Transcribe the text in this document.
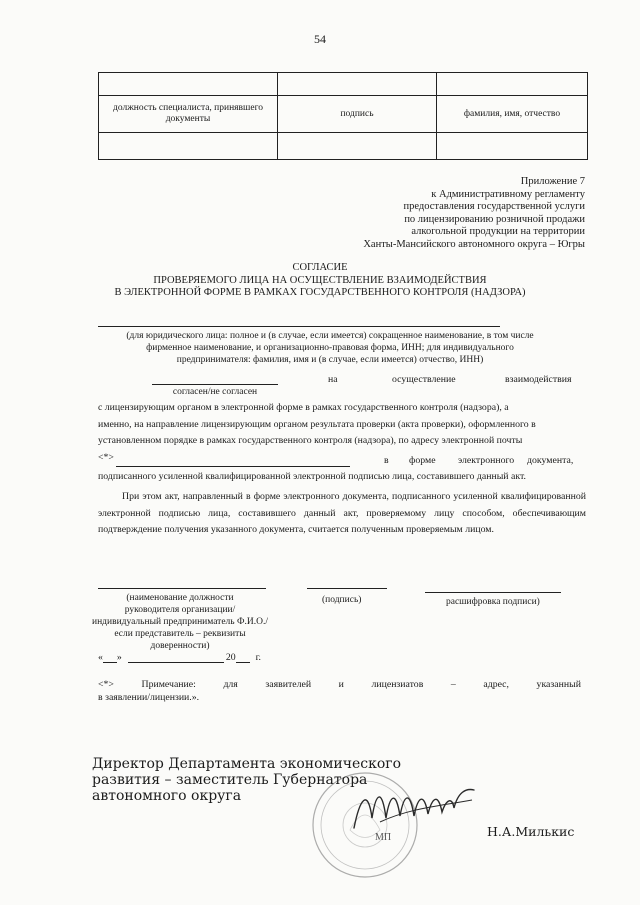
54

должность специалиста, принявшего документы	подпись	фамилия, имя, отчество

Приложение 7
к Административному регламенту
предоставления государственной услуги
по лицензированию розничной продажи
алкогольной продукции на территории
Ханты-Мансийского автономного округа – Югры
СОГЛАСИЕ
ПРОВЕРЯЕМОГО ЛИЦА НА ОСУЩЕСТВЛЕНИЕ ВЗАИМОДЕЙСТВИЯ
В ЭЛЕКТРОННОЙ ФОРМЕ В РАМКАХ ГОСУДАРСТВЕННОГО КОНТРОЛЯ (НАДЗОРА)
(для юридического лица: полное и (в случае, если имеется) сокращенное наименование, в том числе
фирменное наименование, и организационно-правовая форма, ИНН; для индивидуального
предпринимателя: фамилия, имя и (в случае, если имеется) отчество, ИНН)
на	осуществление	взаимодействия
согласен/не согласен
с лицензирующим органом в электронной форме в рамках государственного контроля (надзора), а
именно, на направление лицензирующим органом результата проверки (акта проверки), оформленного в
установленном порядке в рамках государственного контроля (надзора), по адресу электронной почты
<*>	в форме электронного документа,
подписанного усиленной квалифицированной электронной подписью лица, составившего данный акт.
При этом акт, направленный в форме электронного документа, подписанного усиленной квалифицированной электронной подписью лица, составившего данный акт, проверяемому лицу способом, обеспечивающим подтверждение получения указанного документа, считается полученным проверяемым лицом.
(наименование должности
руководителя организации/
индивидуальный предприниматель Ф.И.О./
если представитель – реквизиты доверенности)
(подпись)	расшифровка подписи)
« »	20 г.
<*>	Примечание:	для	заявителей	и	лицензиатов	–	адрес,	указанный
в заявлении/лицензии.».
МП
Директор Департамента экономического
развития – заместитель Губернатора
автономного округа
Н.А.Милькис
